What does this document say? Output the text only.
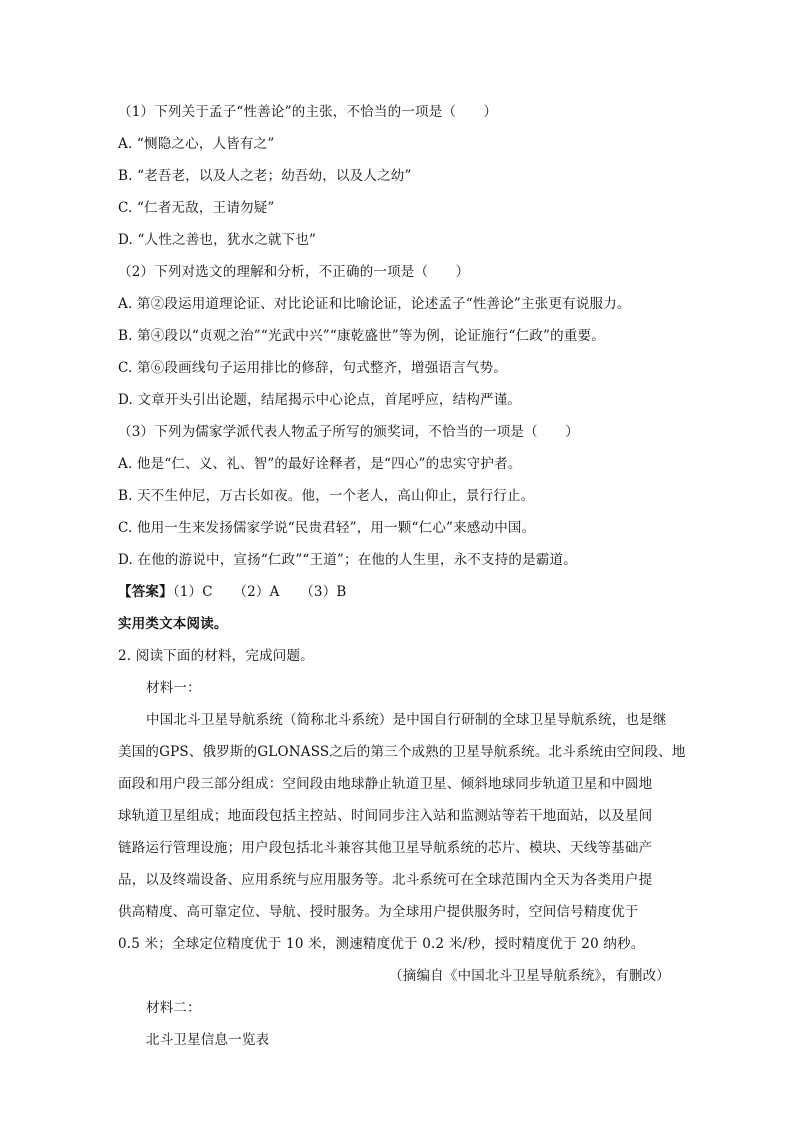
（1）下列关于孟子“性善论”的主张，不恰当的一项是（　　）
A. “恻隐之心，人皆有之”
B. “老吾老，以及人之老；幼吾幼，以及人之幼”
C. “仁者无敌，王请勿疑”
D. “人性之善也，犹水之就下也”
（2）下列对选文的理解和分析，不正确的一项是（　　）
A. 第②段运用道理论证、对比论证和比喻论证，论述孟子“性善论”主张更有说服力。
B. 第④段以“贞观之治”“光武中兴”“康乾盛世”等为例，论证施行“仁政”的重要。
C. 第⑥段画线句子运用排比的修辞，句式整齐，增强语言气势。
D. 文章开头引出论题，结尾揭示中心论点，首尾呼应，结构严谨。
（3）下列为儒家学派代表人物孟子所写的颁奖词，不恰当的一项是（　　）
A. 他是“仁、义、礼、智”的最好诠释者，是“四心”的忠实守护者。
B. 天不生仲尼，万古长如夜。他，一个老人，高山仰止，景行行止。
C. 他用一生来发扬儒家学说“民贵君轻”，用一颗“仁心”来感动中国。
D. 在他的游说中，宣扬“仁政”“王道”；在他的人生里，永不支持的是霸道。
【答案】（1）C　　（2）A　　（3）B
实用类文本阅读。
2. 阅读下面的材料，完成问题。
材料一：
中国北斗卫星导航系统（简称北斗系统）是中国自行研制的全球卫星导航系统，也是继
美国的GPS、俄罗斯的GLONASS之后的第三个成熟的卫星导航系统。北斗系统由空间段、地
面段和用户段三部分组成：空间段由地球静止轨道卫星、倾斜地球同步轨道卫星和中圆地
球轨道卫星组成；地面段包括主控站、时间同步注入站和监测站等若干地面站，以及星间
链路运行管理设施；用户段包括北斗兼容其他卫星导航系统的芯片、模块、天线等基础产
品，以及终端设备、应用系统与应用服务等。北斗系统可在全球范围内全天为各类用户提
供高精度、高可靠定位、导航、授时服务。为全球用户提供服务时，空间信号精度优于
0.5 米；全球定位精度优于 10 米，测速精度优于 0.2 米/秒，授时精度优于 20 纳秒。
（摘编自《中国北斗卫星导航系统》，有删改）
材料二：
北斗卫星信息一览表
